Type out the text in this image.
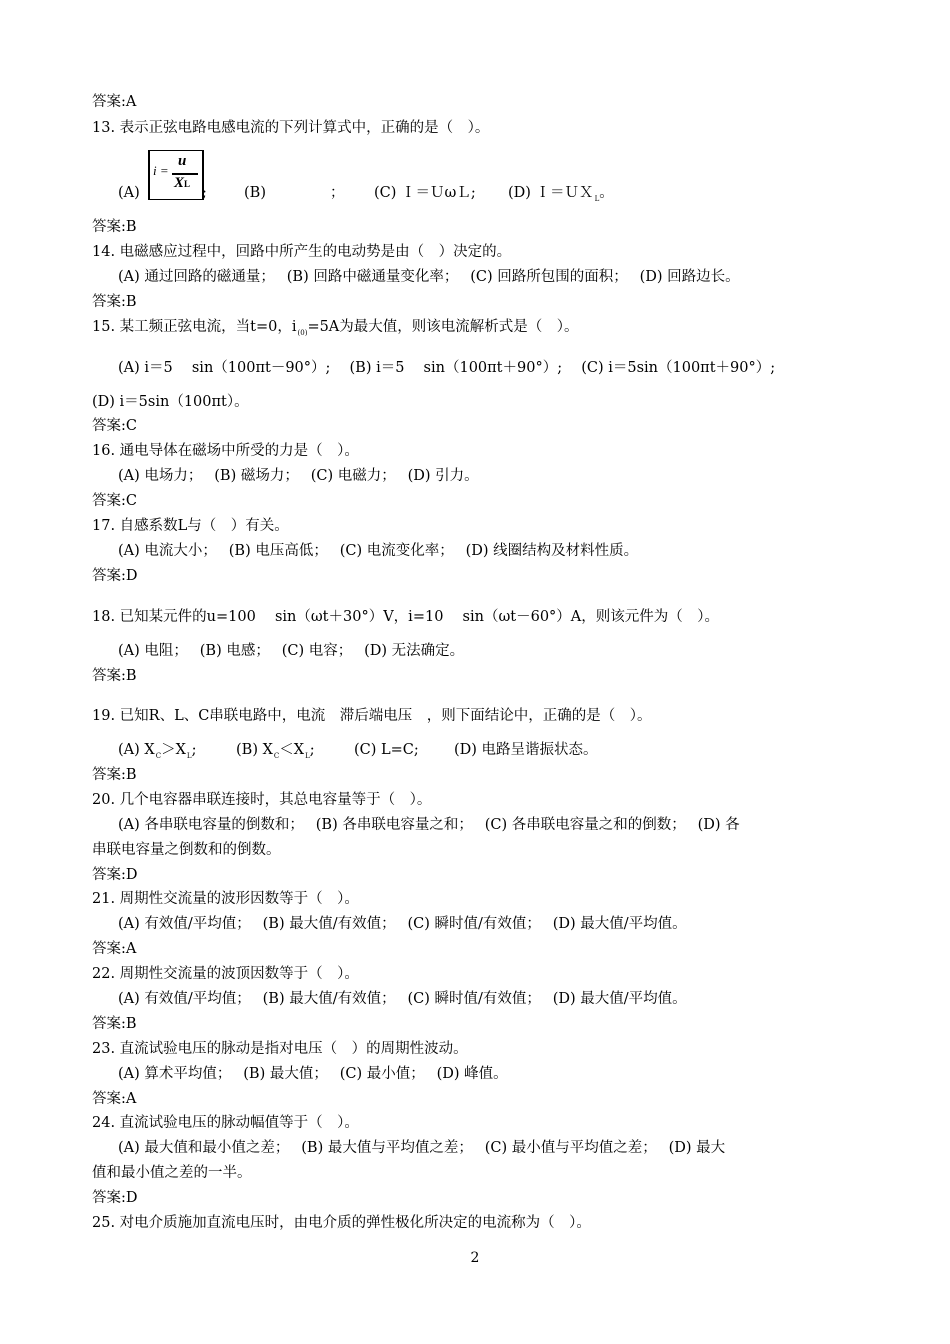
答案:A
13. 表示正弦电路电感电流的下列计算式中，正确的是（　）。
i =
u
XL
(A)	;	(B)	； (C) Ｉ＝ＵωＬ; (D) Ｉ＝ＵＸ$_L$。
答案:B
14. 电磁感应过程中，回路中所产生的电动势是由（　）决定的。
(A) 通过回路的磁通量；　 (B) 回路中磁通量变化率；　 (C) 回路所包围的面积；　 (D) 回路边长。
答案:B
15. 某工频正弦电流，当t=0，$i_{(0)}=5A$为最大值，则该电流解析式是（　）。
(A) i＝5　 sin（100πt－90°）;　 (B) i＝5　 sin（100πt＋90°）;　 (C) i＝5sin（100πt＋90°）;
(D) i＝5sin（100πt）。
答案:C
16. 通电导体在磁场中所受的力是（　）。
(A) 电场力；　 (B) 磁场力；　 (C) 电磁力；　 (D) 引力。
答案:C
17. 自感系数L与（　）有关。
(A) 电流大小；　 (B) 电压高低；　 (C) 电流变化率；　 (D) 线圈结构及材料性质。
答案:D
18. 已知某元件的u=100　 sin（ωt＋30°）V，i=10　 sin（ωt－60°）A，则该元件为（　）。
(A) 电阻；　 (B) 电感；　 (C) 电容；　 (D) 无法确定。
答案:B
19. 已知R、L、C串联电路中，电流　滞后端电压　，则下面结论中，正确的是（　）。
(A) $X_C>X_L$;	(B) $X_C<X_L$;	(C) L=C; (D) 电路呈谐振状态。
答案:B
20. 几个电容器串联连接时，其总电容量等于（　）。
(A) 各串联电容量的倒数和；　 (B) 各串联电容量之和；　 (C) 各串联电容量之和的倒数；　 (D) 各
串联电容量之倒数和的倒数。
答案:D
21. 周期性交流量的波形因数等于（　）。
(A) 有效值/平均值；　 (B) 最大值/有效值；　 (C) 瞬时值/有效值；　 (D) 最大值/平均值。
答案:A
22. 周期性交流量的波顶因数等于（　）。
(A) 有效值/平均值；　 (B) 最大值/有效值；　 (C) 瞬时值/有效值；　 (D) 最大值/平均值。
答案:B
23. 直流试验电压的脉动是指对电压（　）的周期性波动。
(A) 算术平均值；　 (B) 最大值；　 (C) 最小值；　 (D) 峰值。
答案:A
24. 直流试验电压的脉动幅值等于（　）。
(A) 最大值和最小值之差；　 (B) 最大值与平均值之差；　 (C) 最小值与平均值之差；　 (D) 最大
值和最小值之差的一半。
答案:D
25. 对电介质施加直流电压时，由电介质的弹性极化所决定的电流称为（　）。
2
